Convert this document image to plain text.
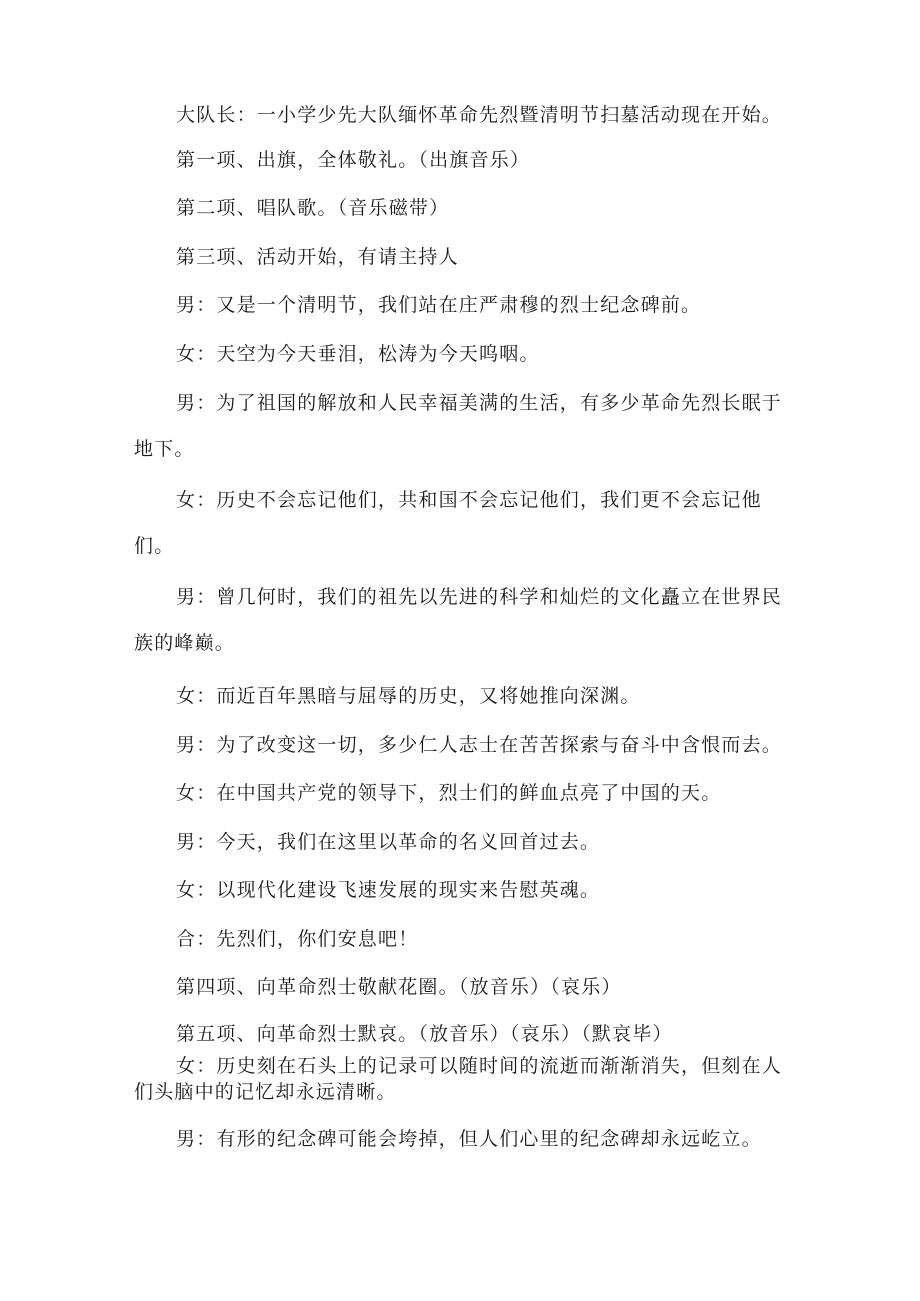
大队长：一小学少先大队缅怀革命先烈暨清明节扫墓活动现在开始。

第一项、出旗，全体敬礼。（出旗音乐）

第二项、唱队歌。（音乐磁带）

第三项、活动开始，有请主持人

男：又是一个清明节，我们站在庄严肃穆的烈士纪念碑前。

女：天空为今天垂泪，松涛为今天呜咽。

男：为了祖国的解放和人民幸福美满的生活，有多少革命先烈长眠于地下。

女：历史不会忘记他们，共和国不会忘记他们，我们更不会忘记他们。

男：曾几何时，我们的祖先以先进的科学和灿烂的文化矗立在世界民族的峰巅。

女：而近百年黑暗与屈辱的历史，又将她推向深渊。

男：为了改变这一切，多少仁人志士在苦苦探索与奋斗中含恨而去。

女：在中国共产党的领导下，烈士们的鲜血点亮了中国的天。

男：今天，我们在这里以革命的名义回首过去。

女：以现代化建设飞速发展的现实来告慰英魂。

合：先烈们，你们安息吧！

第四项、向革命烈士敬献花圈。（放音乐）（哀乐）

第五项、向革命烈士默哀。（放音乐）（哀乐）（默哀毕）

女：历史刻在石头上的记录可以随时间的流逝而渐渐消失，但刻在人们头脑中的记忆却永远清晰。

男：有形的纪念碑可能会垮掉，但人们心里的纪念碑却永远屹立。
